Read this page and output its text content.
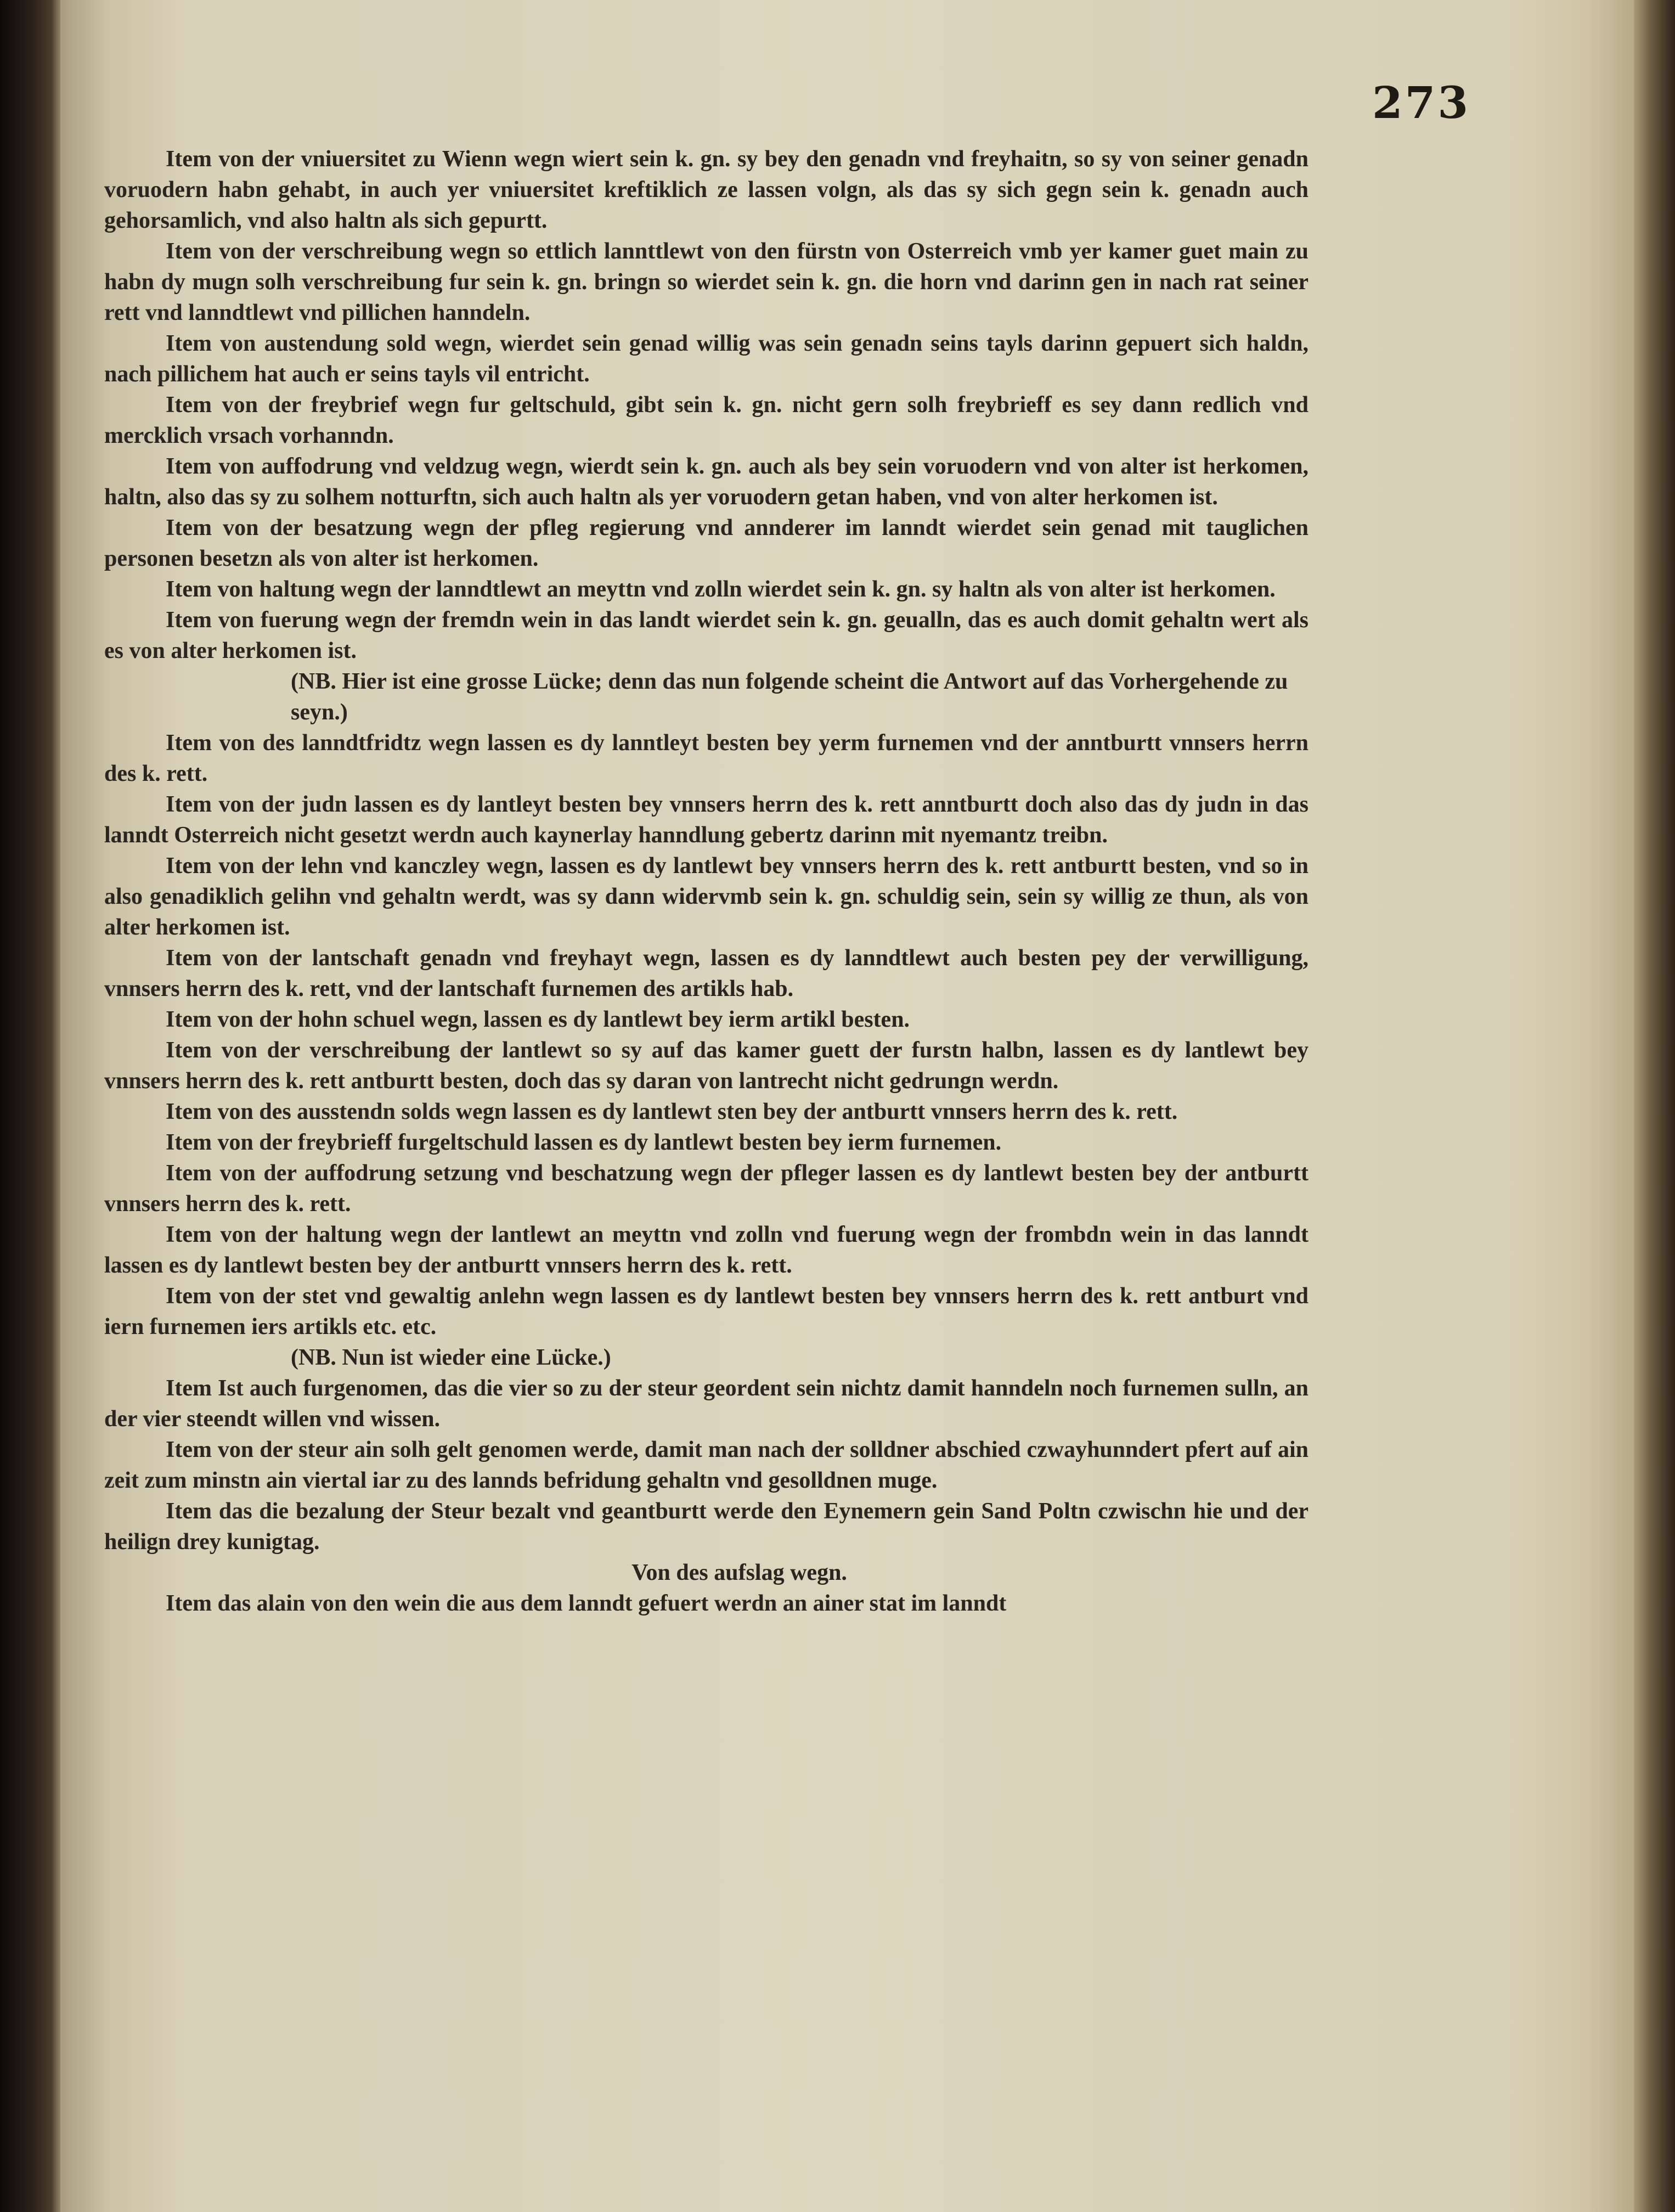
273

Item von der vniuersitet zu Wienn wegn wiert sein k. gn. sy bey den genadn vnd freyhaitn, so sy von seiner genadn voruodern habn gehabt, in auch yer vniuersitet kreftiklich ze lassen volgn, als das sy sich gegn sein k. genadn auch gehorsamlich, vnd also haltn als sich gepurtt.

Item von der verschreibung wegn so ettlich lannttlewt von den fürstn von Osterreich vmb yer kamer guet main zu habn dy mugn solh verschreibung fur sein k. gn. bringn so wierdet sein k. gn. die horn vnd darinn gen in nach rat seiner rett vnd lanndtlewt vnd pillichen hanndeln.

Item von austendung sold wegn, wierdet sein genad willig was sein genadn seins tayls darinn gepuert sich haldn, nach pillichem hat auch er seins tayls vil entricht.

Item von der freybrief wegn fur geltschuld, gibt sein k. gn. nicht gern solh freybrieff es sey dann redlich vnd mercklich vrsach vorhanndn.

Item von auffodrung vnd veldzug wegn, wierdt sein k. gn. auch als bey sein voruodern vnd von alter ist herkomen, haltn, also das sy zu solhem notturftn, sich auch haltn als yer voruodern getan haben, vnd von alter herkomen ist.

Item von der besatzung wegn der pfleg regierung vnd annderer im lanndt wierdet sein genad mit tauglichen personen besetzn als von alter ist herkomen.

Item von haltung wegn der lanndtlewt an meyttn vnd zolln wierdet sein k. gn. sy haltn als von alter ist herkomen.

Item von fuerung wegn der fremdn wein in das landt wierdet sein k. gn. geualln, das es auch domit gehaltn wert als es von alter herkomen ist.

(NB. Hier ist eine grosse Lücke; denn das nun folgende scheint die Antwort auf das Vorhergehende zu seyn.)

Item von des lanndtfridtz wegn lassen es dy lanntleyt besten bey yerm furnemen vnd der anntburtt vnnsers herrn des k. rett.

Item von der judn lassen es dy lantleyt besten bey vnnsers herrn des k. rett anntburtt doch also das dy judn in das lanndt Osterreich nicht gesetzt werdn auch kaynerlay hanndlung gebertz darinn mit nyemantz treibn.

Item von der lehn vnd kanczley wegn, lassen es dy lantlewt bey vnnsers herrn des k. rett antburtt besten, vnd so in also genadiklich gelihn vnd gehaltn werdt, was sy dann widervmb sein k. gn. schuldig sein, sein sy willig ze thun, als von alter herkomen ist.

Item von der lantschaft genadn vnd freyhayt wegn, lassen es dy lanndtlewt auch besten pey der verwilligung, vnnsers herrn des k. rett, vnd der lantschaft furnemen des artikls hab.

Item von der hohn schuel wegn, lassen es dy lantlewt bey ierm artikl besten.

Item von der verschreibung der lantlewt so sy auf das kamer guett der furstn halbn, lassen es dy lantlewt bey vnnsers herrn des k. rett antburtt besten, doch das sy daran von lantrecht nicht gedrungn werdn.

Item von des ausstendn solds wegn lassen es dy lantlewt sten bey der antburtt vnnsers herrn des k. rett.

Item von der freybrieff furgeltschuld lassen es dy lantlewt besten bey ierm furnemen.

Item von der auffodrung setzung vnd beschatzung wegn der pfleger lassen es dy lantlewt besten bey der antburtt vnnsers herrn des k. rett.

Item von der haltung wegn der lantlewt an meyttn vnd zolln vnd fuerung wegn der frombdn wein in das lanndt lassen es dy lantlewt besten bey der antburtt vnnsers herrn des k. rett.

Item von der stet vnd gewaltig anlehn wegn lassen es dy lantlewt besten bey vnnsers herrn des k. rett antburt vnd iern furnemen iers artikls etc. etc.

(NB. Nun ist wieder eine Lücke.)

Item Ist auch furgenomen, das die vier so zu der steur geordent sein nichtz damit hanndeln noch furnemen sulln, an der vier steendt willen vnd wissen.

Item von der steur ain solh gelt genomen werde, damit man nach der solldner abschied czwayhunndert pfert auf ain zeit zum minstn ain viertal iar zu des lannds befridung gehaltn vnd gesolldnen muge.

Item das die bezalung der Steur bezalt vnd geantburtt werde den Eynemern gein Sand Poltn czwischn hie und der heilign drey kunigtag.

Von des aufslag wegn.

Item das alain von den wein die aus dem lanndt gefuert werdn an ainer stat im lanndt
